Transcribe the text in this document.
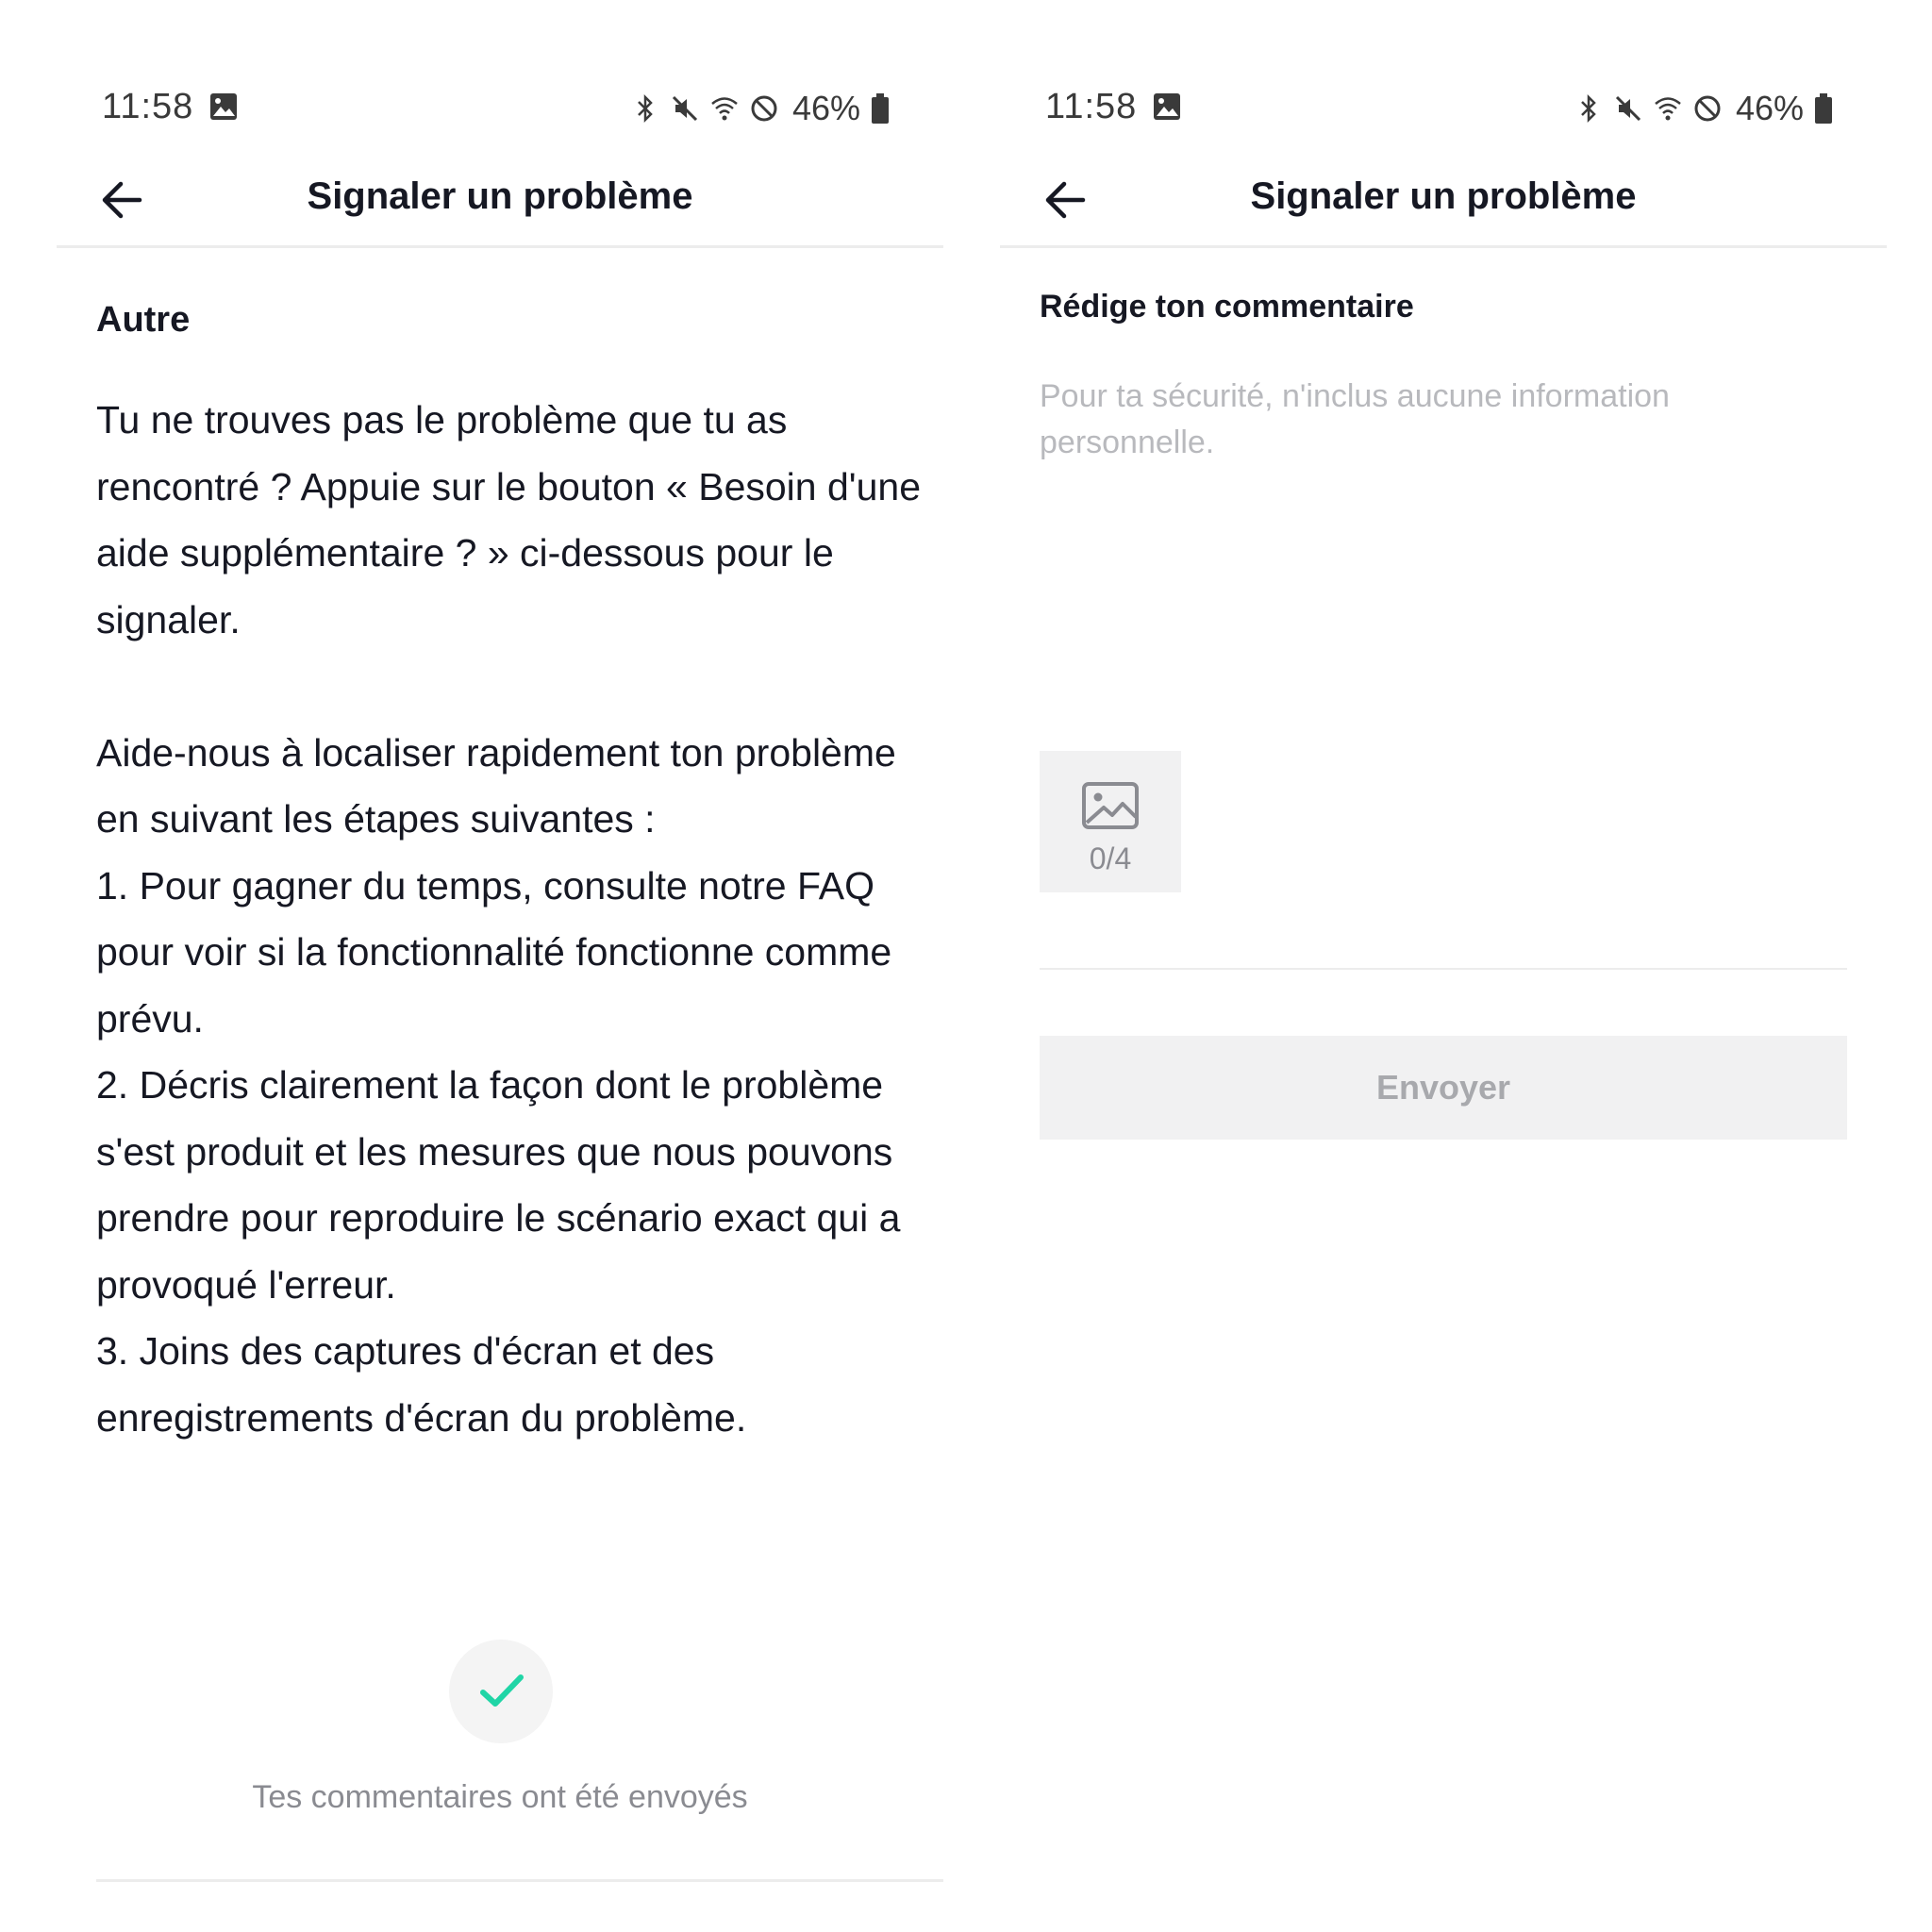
11:58	46%
Signaler un problème
Autre
Tu ne trouves pas le problème que tu as rencontré ? Appuie sur le bouton « Besoin d'une aide supplémentaire ? » ci-dessous pour le signaler.

Aide-nous à localiser rapidement ton problème en suivant les étapes suivantes :
1. Pour gagner du temps, consulte notre FAQ pour voir si la fonctionnalité fonctionne comme prévu.
2. Décris clairement la façon dont le problème s'est produit et les mesures que nous pouvons prendre pour reproduire le scénario exact qui a provoqué l'erreur.
3. Joins des captures d'écran et des enregistrements d'écran du problème.
Tes commentaires ont été envoyés
11:58	46%
Signaler un problème
Rédige ton commentaire
Pour ta sécurité, n'inclus aucune information personnelle.
0/4
Envoyer
